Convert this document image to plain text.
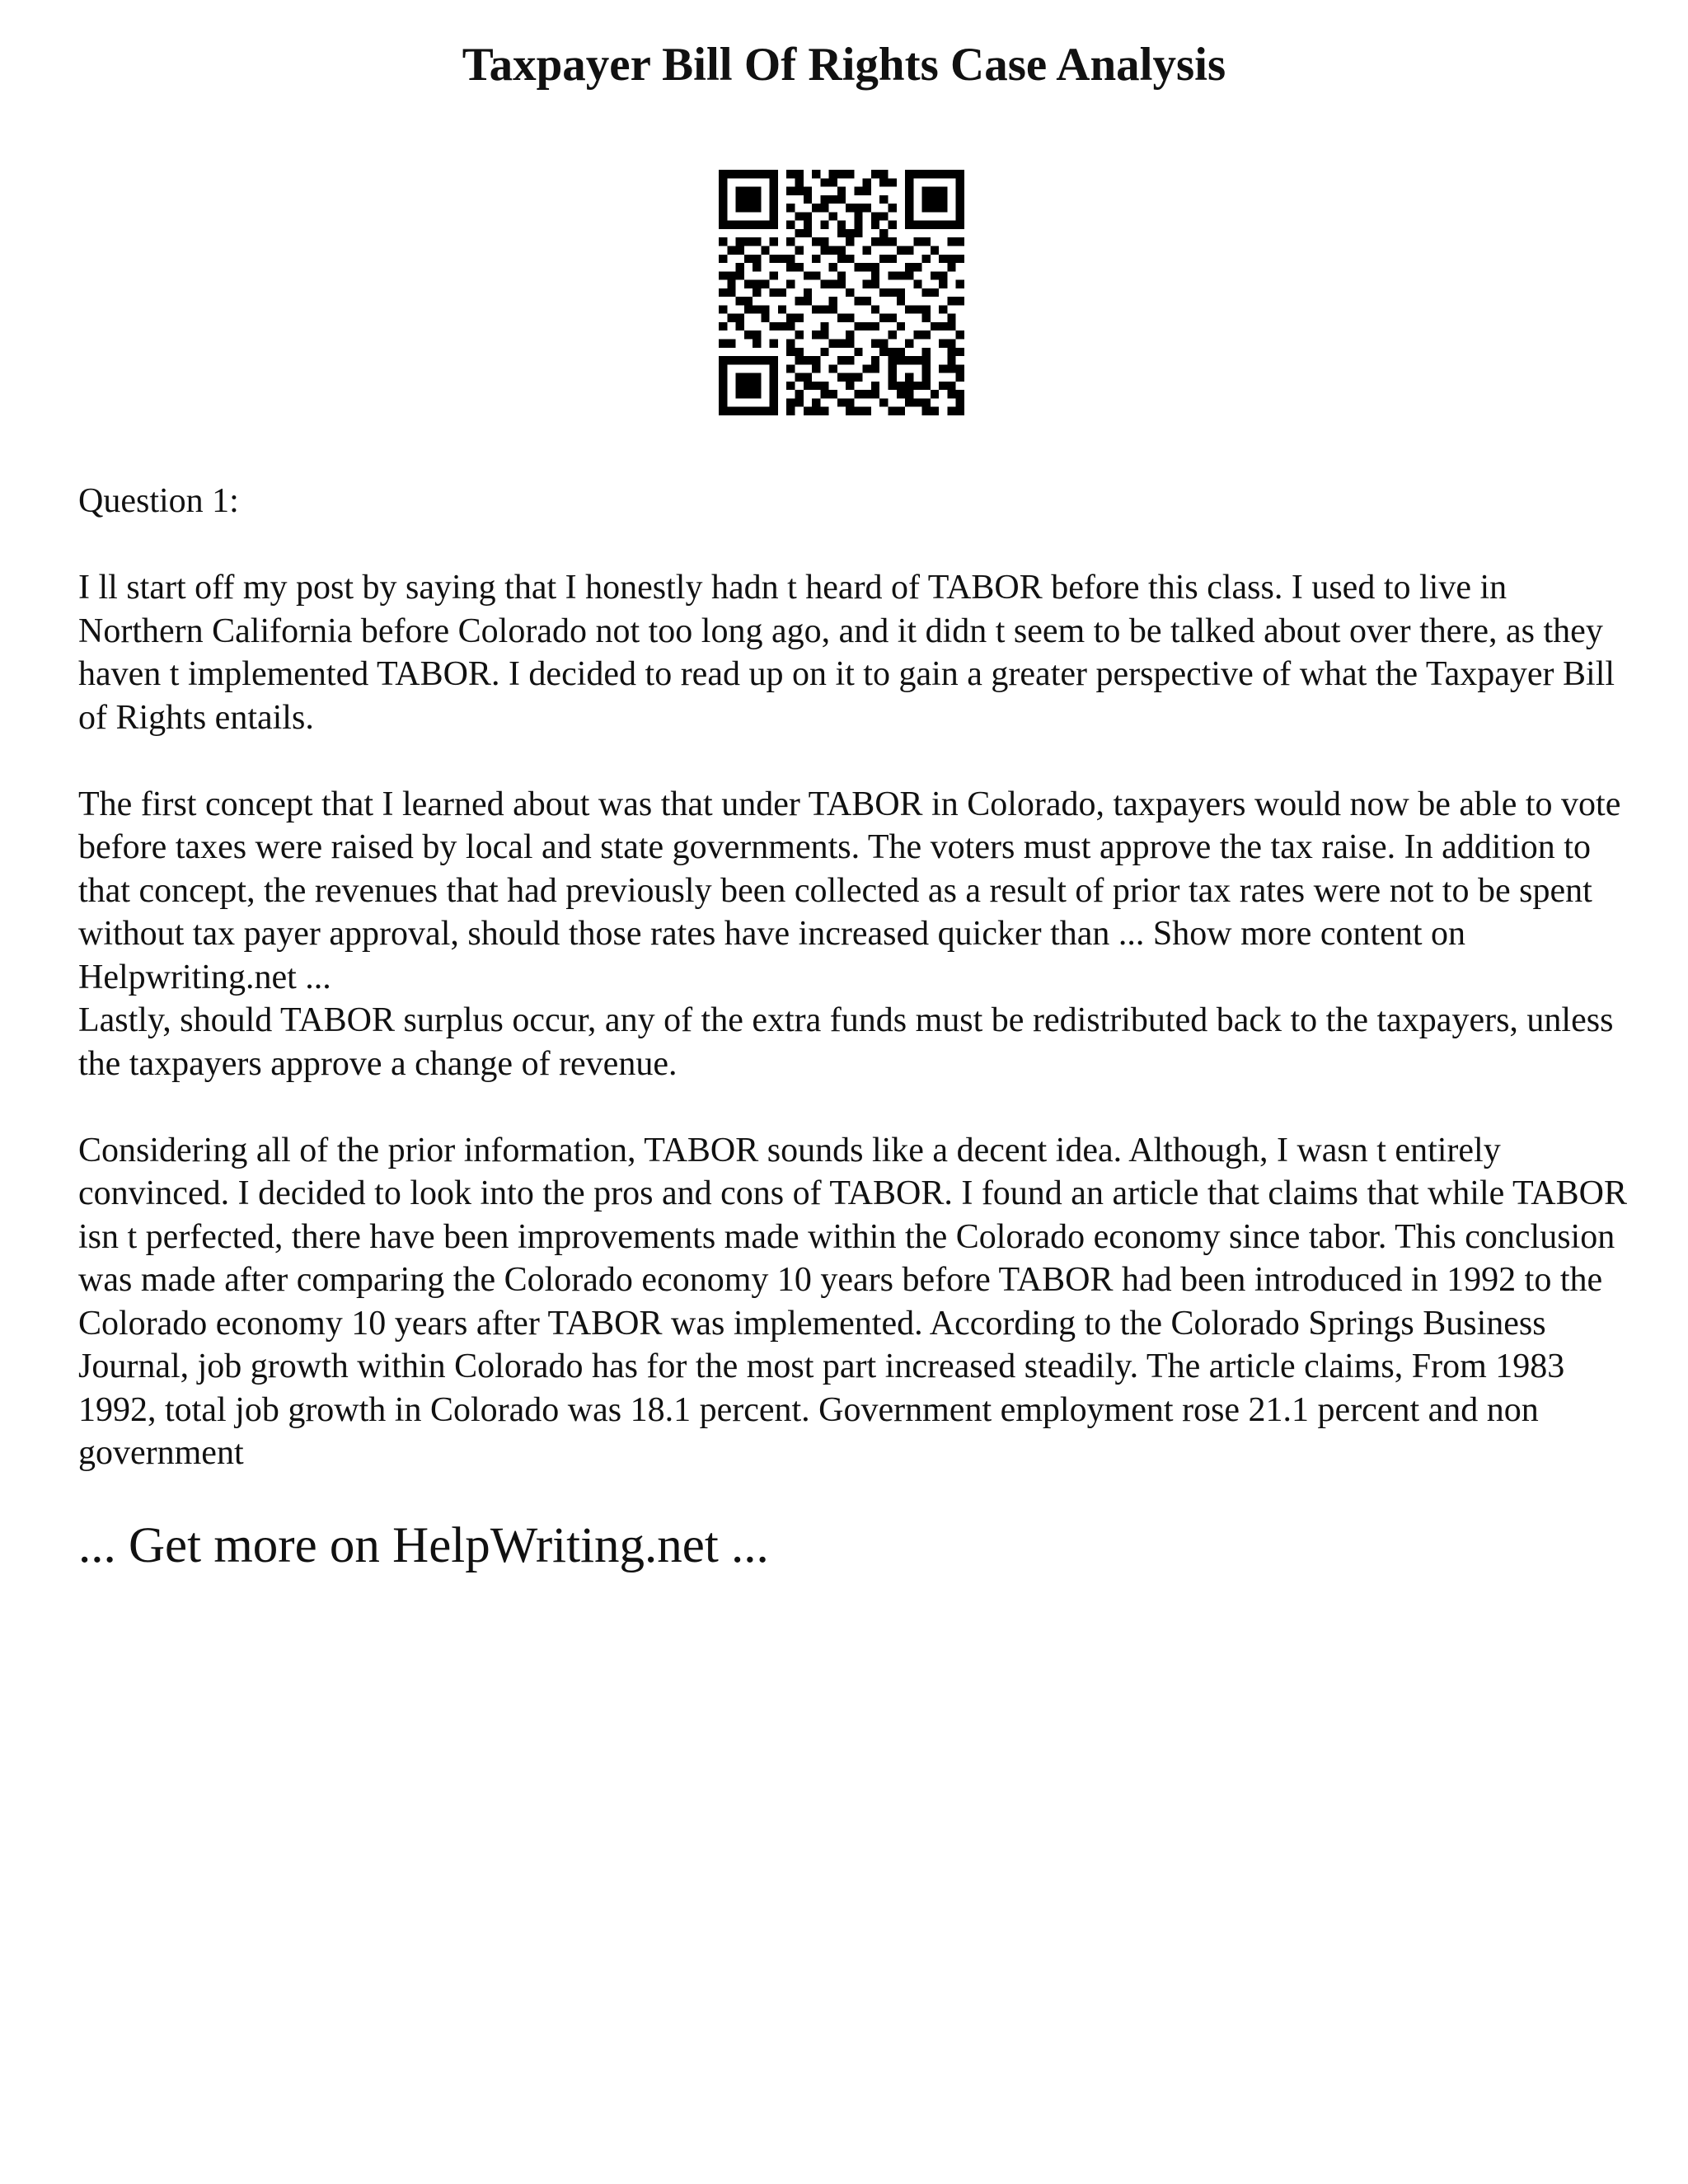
Taxpayer Bill Of Rights Case Analysis

Question 1:

I ll start off my post by saying that I honestly hadn t heard of TABOR before this class. I used to live in Northern California before Colorado not too long ago, and it didn t seem to be talked about over there, as they haven t implemented TABOR. I decided to read up on it to gain a greater perspective of what the Taxpayer Bill of Rights entails.

The first concept that I learned about was that under TABOR in Colorado, taxpayers would now be able to vote before taxes were raised by local and state governments. The voters must approve the tax raise. In addition to that concept, the revenues that had previously been collected as a result of prior tax rates were not to be spent without tax payer approval, should those rates have increased quicker than ... Show more content on Helpwriting.net ...

Lastly, should TABOR surplus occur, any of the extra funds must be redistributed back to the taxpayers, unless the taxpayers approve a change of revenue.

Considering all of the prior information, TABOR sounds like a decent idea. Although, I wasn t entirely convinced. I decided to look into the pros and cons of TABOR. I found an article that claims that while TABOR isn t perfected, there have been improvements made within the Colorado economy since tabor. This conclusion was made after comparing the Colorado economy 10 years before TABOR had been introduced in 1992 to the Colorado economy 10 years after TABOR was implemented. According to the Colorado Springs Business Journal, job growth within Colorado has for the most part increased steadily. The article claims, From 1983 1992, total job growth in Colorado was 18.1 percent. Government employment rose 21.1 percent and non government

... Get more on HelpWriting.net ...
